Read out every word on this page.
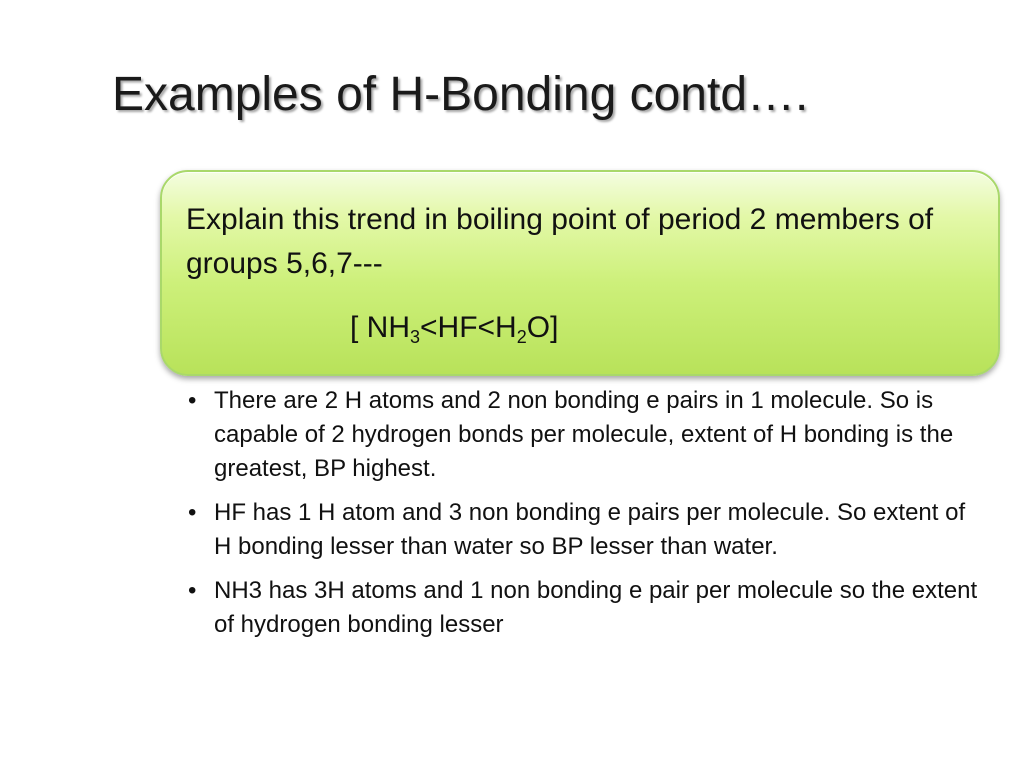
Examples of H-Bonding contd….

Explain this trend in boiling point of period 2 members of groups 5,6,7---

[ $NH_3<HF<H_2O$]
• There are 2 H atoms and 2 non bonding e pairs in 1 molecule. So is capable of 2 hydrogen bonds per molecule, extent of H bonding is the greatest, BP highest.
• HF has 1 H atom and 3 non bonding e pairs per molecule. So extent of H bonding lesser than water so BP lesser than water.
• NH3 has 3H atoms and 1 non bonding e pair per molecule so the extent of hydrogen bonding lesser
